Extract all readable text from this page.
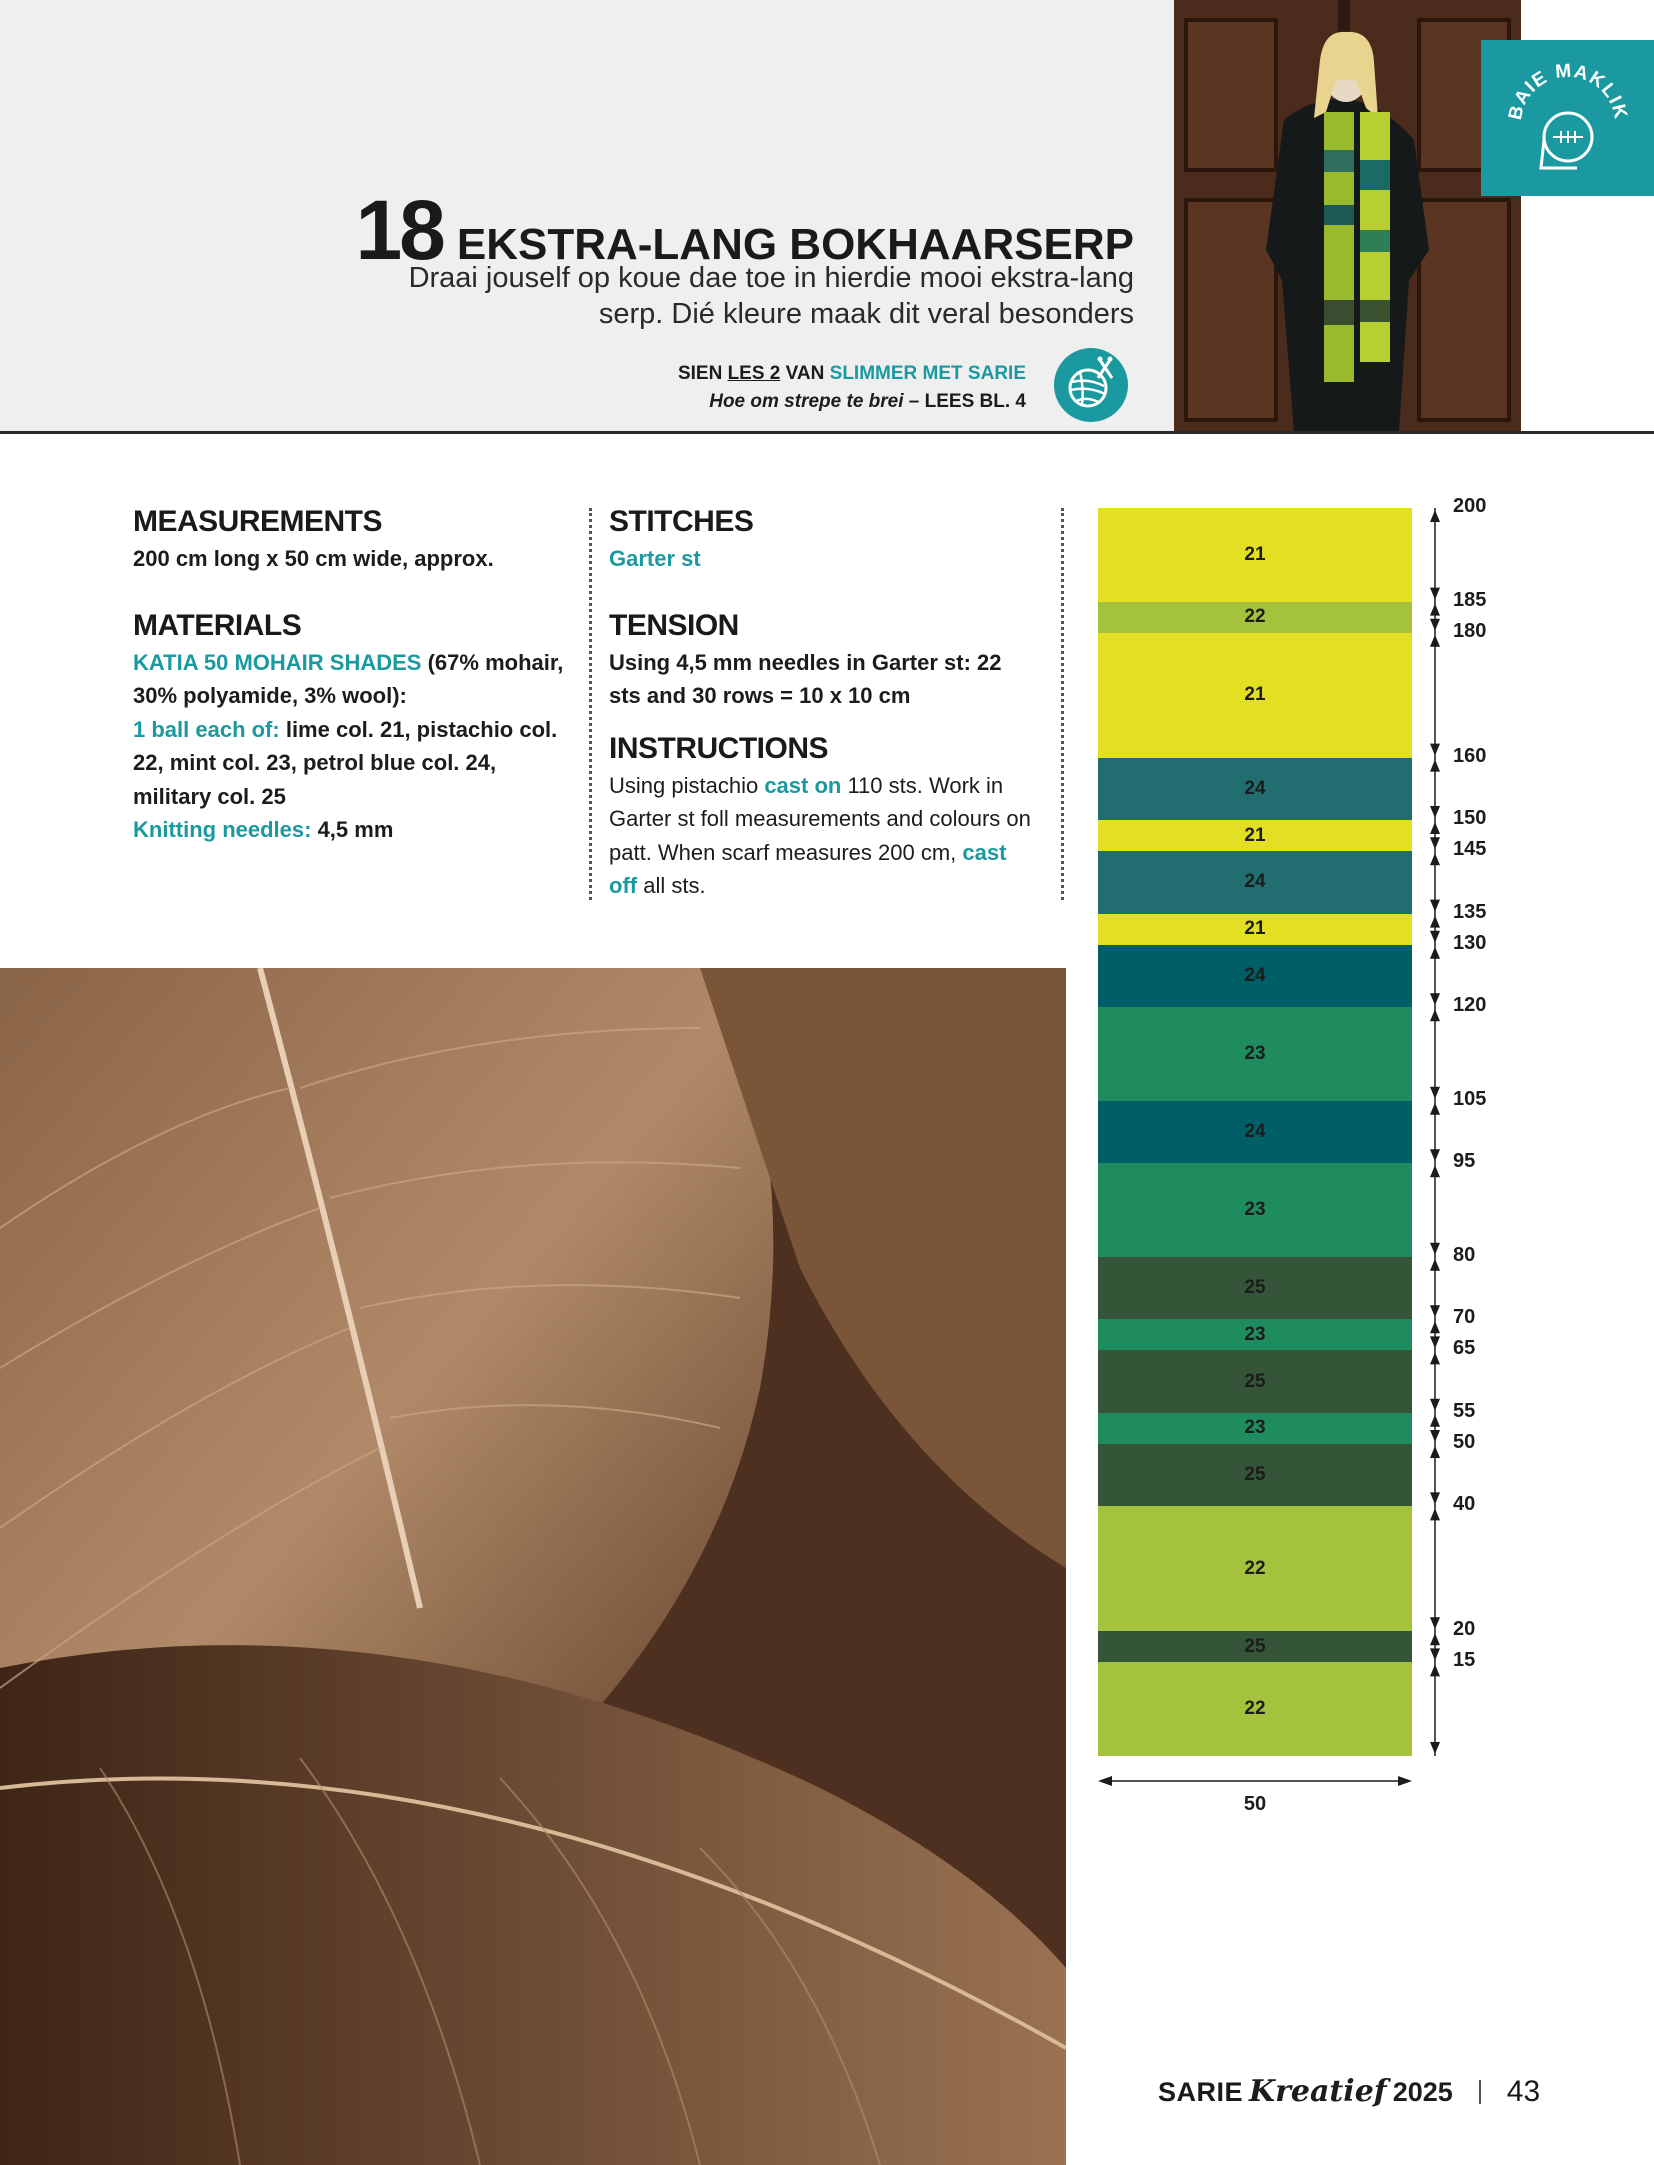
18 EKSTRA-LANG BOKHAARSERP
Draai jouself op koue dae toe in hierdie mooi ekstra-lang serp. Dié kleure maak dit veral besonders
SIEN LES 2 VAN SLIMMER MET SARIE
Hoe om strepe te brei – LEES BL. 4
BAIE MAKLIK
MEASUREMENTS
200 cm long x 50 cm wide, approx.
MATERIALS
KATIA 50 MOHAIR SHADES (67% mohair, 30% polyamide, 3% wool):
1 ball each of: lime col. 21, pistachio col. 22, mint col. 23, petrol blue col. 24, military col. 25
Knitting needles: 4,5 mm
STITCHES
Garter st
TENSION
Using 4,5 mm needles in Garter st: 22 sts and 30 rows = 10 x 10 cm
INSTRUCTIONS
Using pistachio cast on 110 sts. Work in Garter st foll measurements and colours on patt. When scarf measures 200 cm, cast off all sts.
21
22
21
24
21
24
21
24
23
24
23
25
23
25
23
25
22
25
22
200
185
180
160
150
145
135
130
120
105
95
80
70
65
55
50
40
20
15
50
SARIE Kreatief 2025 43
